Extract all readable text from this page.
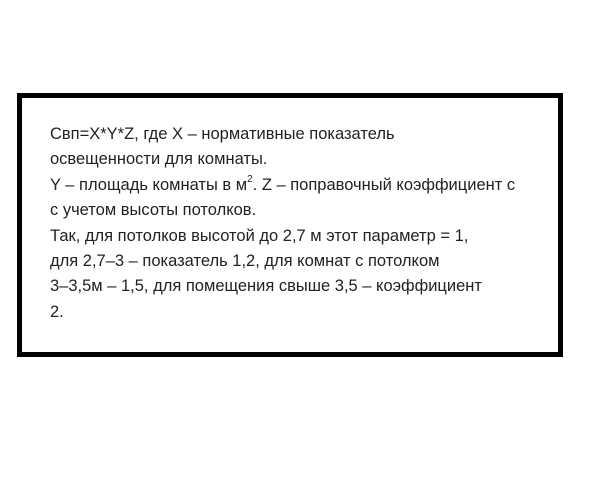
Свп=X*Y*Z, где Х – нормативные показатель
освещенности для комнаты.
Y – площадь комнаты в $м^2$. Z – поправочный коэффициент с
с учетом высоты потолков.
Так, для потолков высотой до 2,7 м этот параметр = 1,
для 2,7–3 – показатель 1,2, для комнат с потолком
3–3,5м – 1,5, для помещения свыше 3,5 – коэффициент
2.
